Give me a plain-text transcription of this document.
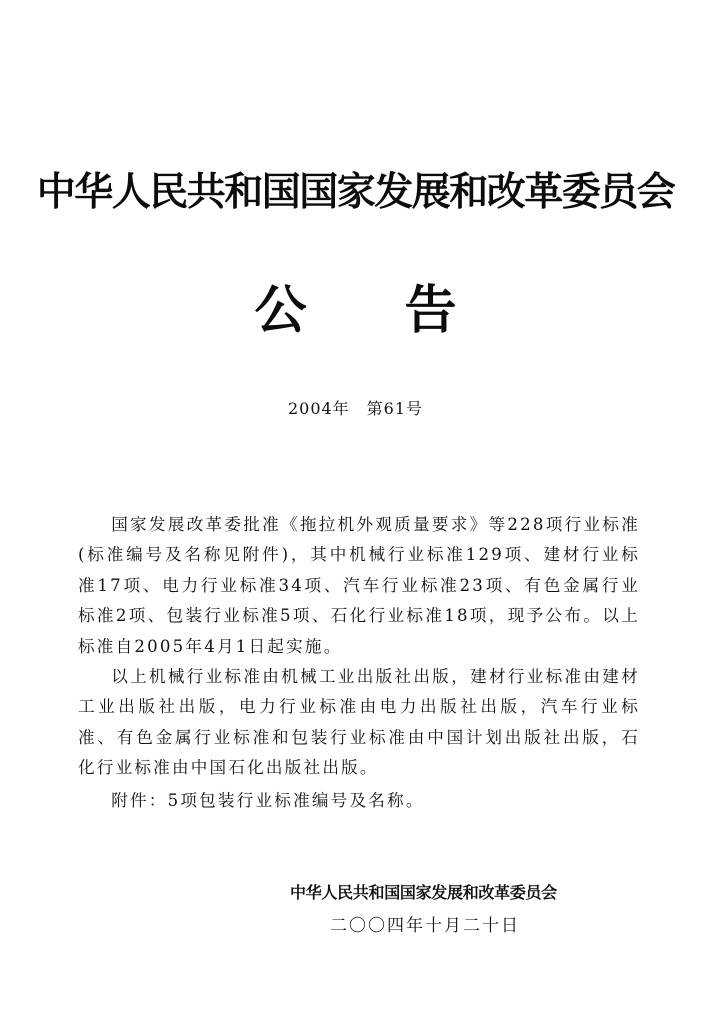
中华人民共和国国家发展和改革委员会
公告
2004年　第61号

国家发展改革委批准《拖拉机外观质量要求》等228项行业标准(标准编号及名称见附件)，其中机械行业标准129项、建材行业标准17项、电力行业标准34项、汽车行业标准23项、有色金属行业标准2项、包装行业标准5项、石化行业标准18项，现予公布。以上标准自2005年4月1日起实施。

以上机械行业标准由机械工业出版社出版，建材行业标准由建材工业出版社出版，电力行业标准由电力出版社出版，汽车行业标准、有色金属行业标准和包装行业标准由中国计划出版社出版，石化行业标准由中国石化出版社出版。

附件：5项包装行业标准编号及名称。

中华人民共和国国家发展和改革委员会
二〇〇四年十月二十日
